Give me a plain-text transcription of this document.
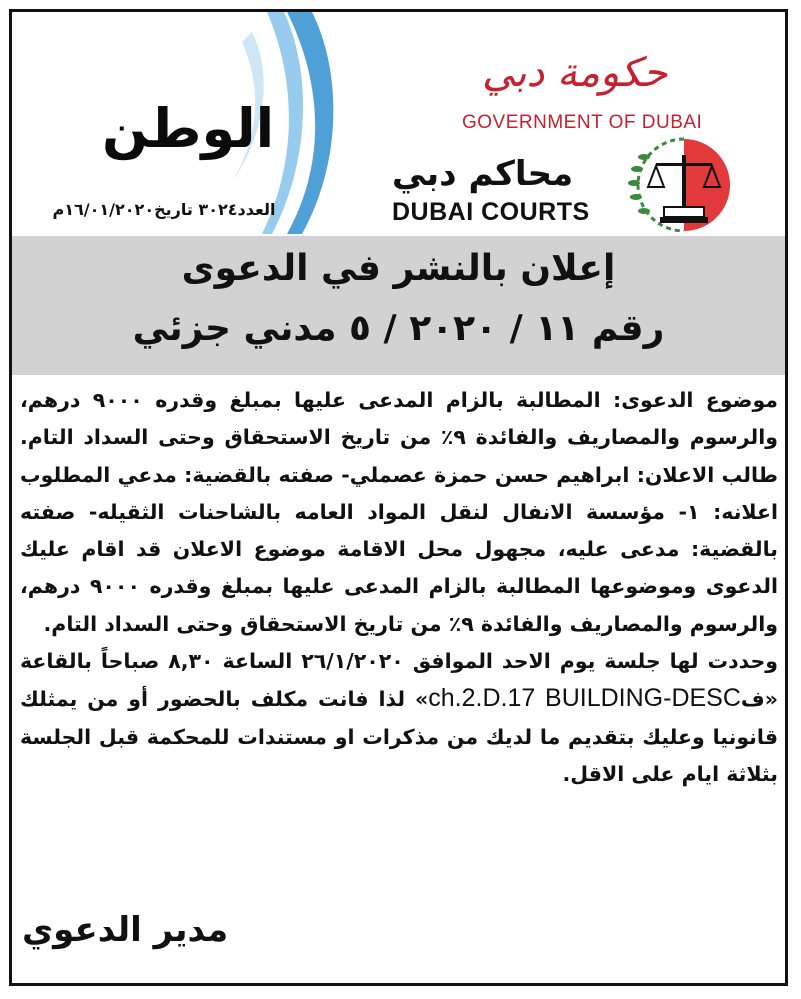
الوطن
العدد٣٠٢٤ تاريخ١٦/٠١/٢٠٢٠م
حكومة دبي
GOVERNMENT OF DUBAI
محاكم دبي
DUBAI COURTS
إعلان بالنشر في الدعوى
رقم ١١ / ٢٠٢٠ / ٥ مدني جزئي

موضوع الدعوى: المطالبة بالزام المدعى عليها بمبلغ وقدره ٩٠٠٠ درهم، والرسوم والمصاريف والفائدة ٩٪ من تاريخ الاستحقاق وحتى السداد التام. طالب الاعلان: ابراهيم حسن حمزة عصملي- صفته بالقضية: مدعي المطلوب اعلانه: ١- مؤسسة الانفال لنقل المواد العامه بالشاحنات الثقيله- صفته بالقضية: مدعى عليه، مجهول محل الاقامة موضوع الاعلان قد اقام عليك الدعوى وموضوعها المطالبة بالزام المدعى عليها بمبلغ وقدره ٩٠٠٠ درهم، والرسوم والمصاريف والفائدة ٩٪ من تاريخ الاستحقاق وحتى السداد التام.

وحددت لها جلسة يوم الاحد الموافق ٢٦/١/٢٠٢٠ الساعة ٨,٣٠ صباحاً بالقاعة «فch.2.D.17 BUILDING-DESC» لذا فانت مكلف بالحضور أو من يمثلك قانونيا وعليك بتقديم ما لديك من مذكرات او مستندات للمحكمة قبل الجلسة بثلاثة ايام على الاقل.

مدير الدعوي
